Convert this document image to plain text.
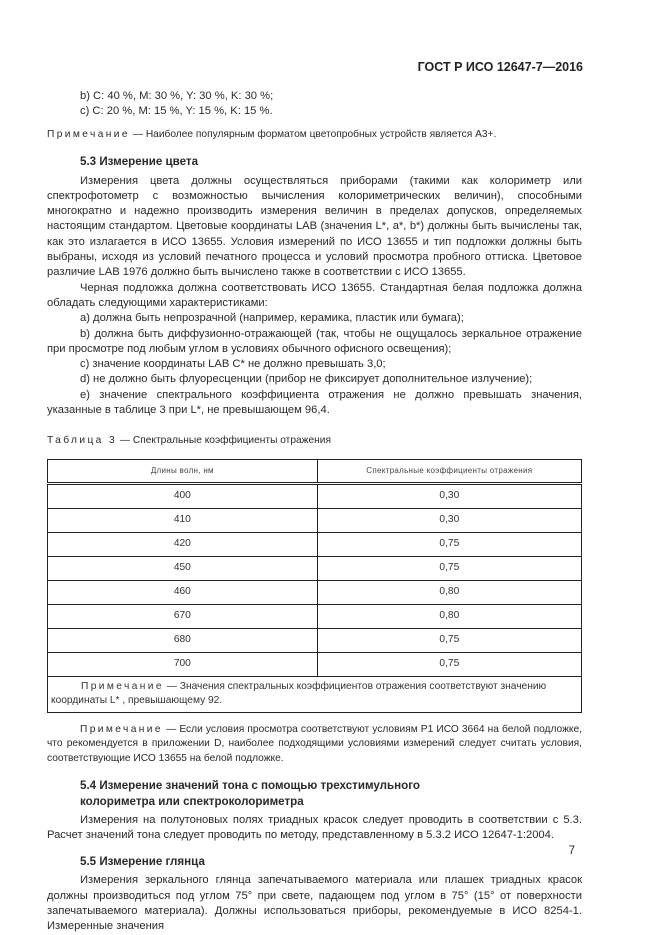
ГОСТ Р ИСО 12647-7—2016

b) C: 40 %, M: 30 %, Y: 30 %, K: 30 %;

c) C: 20 %, M: 15 %, Y: 15 %, K: 15 %.

Примечание — Наиболее популярным форматом цветопробных устройств является А3+.

5.3 Измерение цвета

Измерения цвета должны осуществляться приборами (такими как колориметр или спектрофотометр с возможностью вычисления колориметрических величин), способными многократно и надежно производить измерения величин в пределах допусков, определяемых настоящим стандартом. Цветовые координаты LAB (значения L*, a*, b*) должны быть вычислены так, как это излагается в ИСО 13655. Условия измерений по ИСО 13655 и тип подложки должны быть выбраны, исходя из условий печатного процесса и условий просмотра пробного оттиска. Цветовое различие LAB 1976 должно быть вычислено также в соответствии с ИСО 13655.

Черная подложка должна соответствовать ИСО 13655. Стандартная белая подложка должна обладать следующими характеристиками:

a) должна быть непрозрачной (например, керамика, пластик или бумага);

b) должна быть диффузионно-отражающей (так, чтобы не ощущалось зеркальное отражение при просмотре под любым углом в условиях обычного офисного освещения);

c) значение координаты LAB C* не должно превышать 3,0;

d) не должно быть флуоресценции (прибор не фиксирует дополнительное излучение);

e) значение спектрального коэффициента отражения не должно превышать значения, указанные в таблице 3 при L*, не превышающем 96,4.

Таблица 3 — Спектральные коэффициенты отражения

Длины волн, нм	Спектральные коэффициенты отражения
400	0,30
410	0,30
420	0,75
450	0,75
460	0,80
670	0,80
680	0,75
700	0,75
Примечание — Значения спектральных коэффициентов отражения соответствуют значению координаты L* , превышающему 92.	

Примечание — Если условия просмотра соответствуют условиям Р1 ИСО 3664 на белой подложке, что рекомендуется в приложении D, наиболее подходящими условиями измерений следует считать условия, соответствующие ИСО 13655 на белой подложке.

5.4 Измерение значений тона с помощью трехстимульного колориметра или спектроколориметра

Измерения на полутоновых полях триадных красок следует проводить в соответствии с 5.3. Расчет значений тона следует проводить по методу, представленному в 5.3.2 ИСО 12647-1:2004.

5.5 Измерение глянца

Измерения зеркального глянца запечатываемого материала или плашек триадных красок должны производиться под углом 75° при свете, падающем под углом в 75° (15° от поверхности запечатываемого материала). Должны использоваться приборы, рекомендуемые в ИСО 8254-1. Измеренные значения

7
